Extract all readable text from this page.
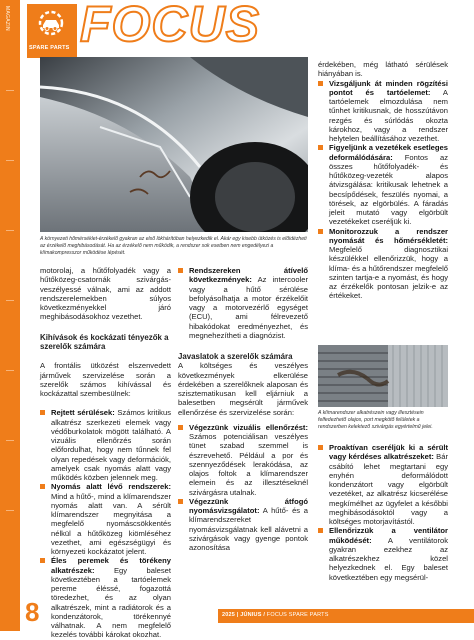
MAGAZIN
SPARE PARTS FOCUS
A környezeti hőmérséklet-érzékelő gyakran az első lökhárítóban helyezkedik el. Akár egy kisebb ütközés is előidézheti az érzékelő meghibásodását. Ha az érzékelő nem működik, a rendszer sok esetben nem engedélyezi a klímakompresszor működése lépését.

motorolaj, a hűtőfolyadék vagy a hűtőközeg-csatornák szivárgás-veszélyessé válnak, ami az addott rendszerelemekben súlyos következményekkel járó meghibásodásokhoz vezethet.

Kihívások és kockázati tényezők a szerelők számára

A frontális ütközést elszenvedett járművek szervizelése során a szerelők számos kihívással és kockázattal szembesülnek:

Rejtett sérülések: Számos kritikus alkatrész szerkezeti elemek vagy védőburkolatok mögött található. A vizuális ellenőrzés során előfordulhat, hogy nem tűnnek fel olyan repedések vagy deformációk, amelyek csak nyomás alatt vagy működés közben jelennek meg.
Nyomás alatt lévő rendszerek: Mind a hűtő-, mind a klímarendszer nyomás alatt van. A sérült klímarendszer megnyitása a megfelelő nyomáscsökkentés nélkül a hűtőközeg kiömléséhez vezethet, ami egészségügyi és környezeti kockázatot jelent.
Éles peremek és törékeny alkatrészek: Egy baleset következtében a tartóelemek pereme éléssé, fogazottá töredezhet, és az olyan alkatrészek, mint a radiátorok és a kondenzátorok, törékennyé válhatnak. A nem megfelelő kezelés további károkat okozhat.
Rendszereken átívelő következmények: Az intercooler vagy a hűtő sérülése befolyásolhatja a motor érzékelőit vagy a motorvezérlő egységet (ECU), ami félrevezető hibakódokat eredményezhet, és megnehezítheti a diagnózist.
Javaslatok a szerelők számára

A költséges és veszélyes következmények elkerülése érdekében a szerelőknek alaposan és szisztematikusan kell eljárniuk a balesetben megsérült járművek ellenőrzése és szervizelése során:

Végezzünk vizuális ellenőrzést: Számos potenciálisan veszélyes tünet szabad szemmel is észrevehető. Például a por és szennyeződések lerakódása, az olajos foltok a klímarendszer elemein és az illesztéseknél szivárgásra utalnak.
Végezzünk átfogó nyomásvizsgálatot: A hűtő- és a klímarendszereket nyomásvizsgálatnak kell alávetni a szivárgások vagy gyenge pontok azonosítása

érdekében, még látható sérülések hiányában is.

Vizsgáljunk át minden rögzítési pontot és tartóelemet: A tartóelemek elmozdulása nem tűnhet kritikusnak, de hosszútávon rezgés és súrlódás okozta károkhoz, vagy a rendszer helytelen beállításához vezethet.
Figyeljünk a vezetékek esetleges deformálódására: Fontos az összes hűtőfolyadék- és hűtőközeg-vezeték alapos átvizsgálása: kritikusak lehetnek a becsípődések, feszülés nyomai, a törések, az elgörbülés. A fáradás jeleit mutató vagy elgörbült vezetékeket cseréljük ki.
Monitorozzuk a rendszer nyomását és hőmérsékletét: Megfelelő diagnosztikai készülékkel ellenőrizzük, hogy a klíma- és a hűtőrendszer megfelelő szinten tartja-e a nyomást, és hogy az érzékelők pontosan jelzik-e az értékeket.
A klímarendszer alkatrészein vagy illesztésein felfedezhető olajos, port megkötő felületek a rendszerben kelektező szivárgás egyértelmű jelei.
Proaktívan cseréljük ki a sérült vagy kérdéses alkatrészeket: Bár csábító lehet megtartani egy enyhén deformálódott kondenzátort vagy elgörbült vezetéket, az alkatrész kicserélése megkímélhet az ügyfelet a későbbi meghibásodásoktól vagy a költséges motorjavítástól.
Ellenőrizzük a ventilátor működését: A ventilátorok gyakran ezekhez az alkatrészekhez közel helyezkednek el. Egy baleset következtében egy megsérül-
8	2025 | JÚNIUS / FOCUS SPARE PARTS
